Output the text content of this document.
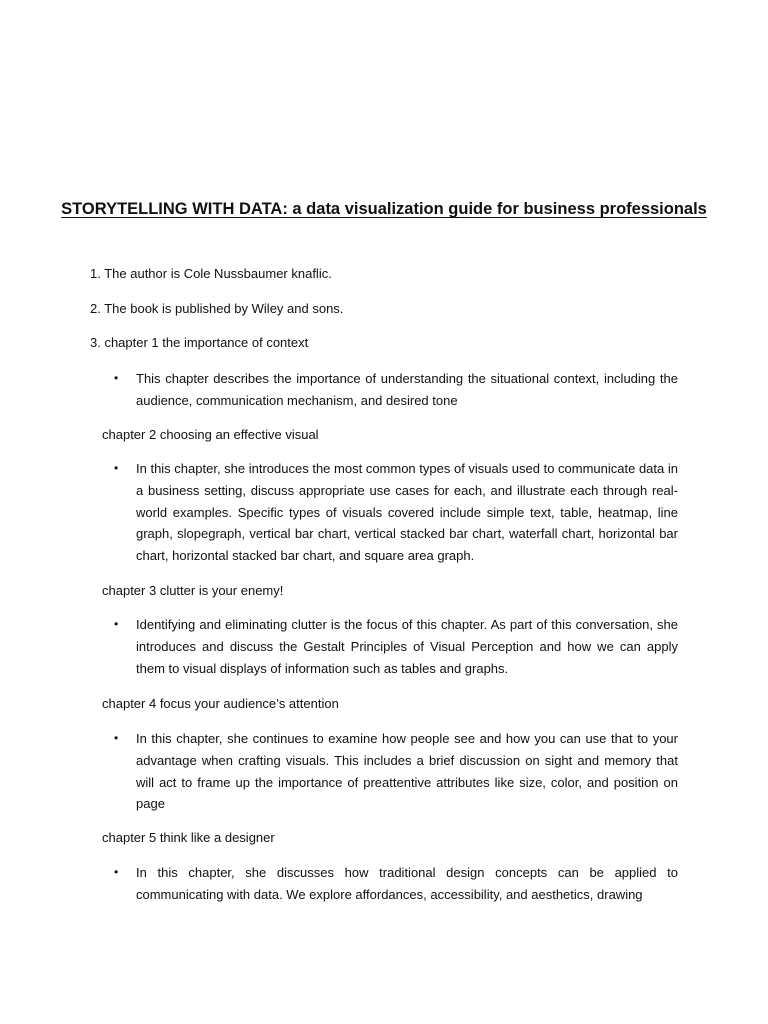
STORYTELLING WITH DATA: a data visualization guide for business professionals
1. The author is Cole Nussbaumer knaflic.
2. The book is published by Wiley and sons.
3. chapter 1 the importance of context
• This chapter describes the importance of understanding the situational context, including the audience, communication mechanism, and desired tone
chapter 2 choosing an effective visual
• In this chapter, she introduces the most common types of visuals used to communicate data in a business setting, discuss appropriate use cases for each, and illustrate each through real-world examples. Specific types of visuals covered include simple text, table, heatmap, line graph, slopegraph, vertical bar chart, vertical stacked bar chart, waterfall chart, horizontal bar chart, horizontal stacked bar chart, and square area graph.
chapter 3 clutter is your enemy!
• Identifying and eliminating clutter is the focus of this chapter. As part of this conversation, she introduces and discuss the Gestalt Principles of Visual Perception and how we can apply them to visual displays of information such as tables and graphs.
chapter 4 focus your audience’s attention
• In this chapter, she continues to examine how people see and how you can use that to your advantage when crafting visuals. This includes a brief discussion on sight and memory that will act to frame up the importance of preattentive attributes like size, color, and position on page
chapter 5 think like a designer
• In this chapter, she discusses how traditional design concepts can be applied to communicating with data. We explore affordances, accessibility, and aesthetics, drawing
